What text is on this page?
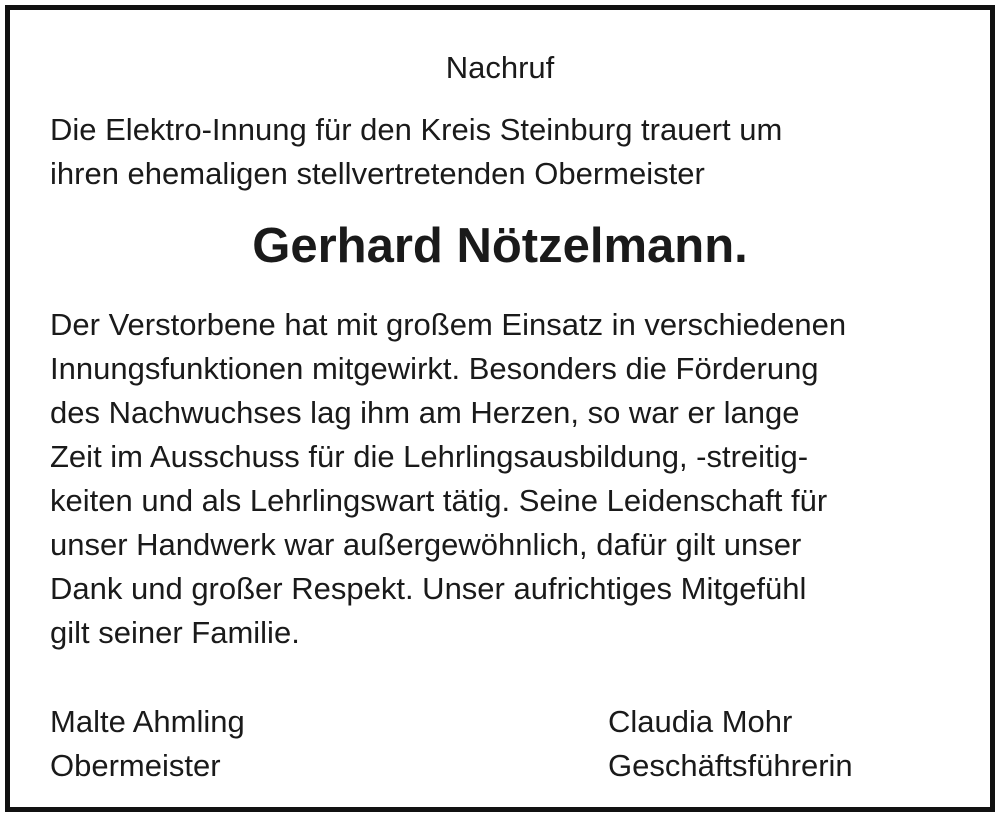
Nachruf

Die Elektro-Innung für den Kreis Steinburg trauert um
ihren ehemaligen stellvertretenden Obermeister

Gerhard Nötzelmann.

Der Verstorbene hat mit großem Einsatz in verschiedenen
Innungsfunktionen mitgewirkt. Besonders die Förderung
des Nachwuchses lag ihm am Herzen, so war er lange
Zeit im Ausschuss für die Lehrlingsausbildung, -streitig-
keiten und als Lehrlingswart tätig. Seine Leidenschaft für
unser Handwerk war außergewöhnlich, dafür gilt unser
Dank und großer Respekt. Unser aufrichtiges Mitgefühl
gilt seiner Familie.
Malte Ahmling
Obermeister
Claudia Mohr
Geschäftsführerin
